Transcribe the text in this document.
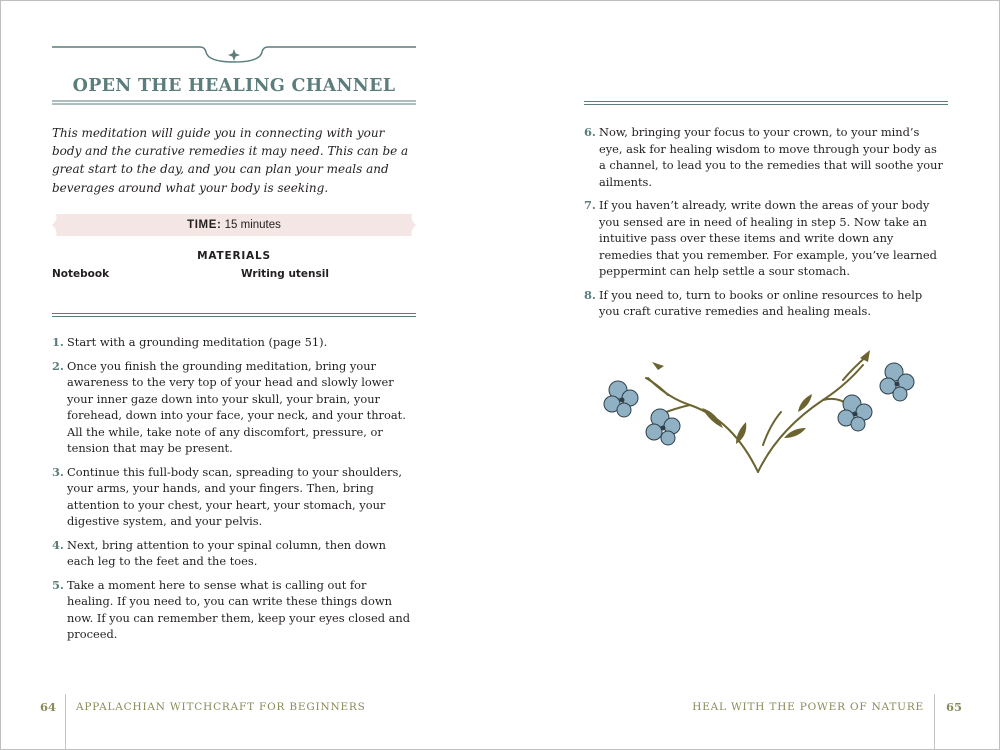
OPEN THE HEALING CHANNEL
This meditation will guide you in connecting with your body and the curative remedies it may need. This can be a great start to the day, and you can plan your meals and beverages around what your body is seeking.
TIME: 15 minutes
MATERIALS
Notebook	Writing utensil
1. Start with a grounding meditation (page 51).
2. Once you finish the grounding meditation, bring your awareness to the very top of your head and slowly lower your inner gaze down into your skull, your brain, your forehead, down into your face, your neck, and your throat. All the while, take note of any discomfort, pressure, or tension that may be present.
3. Continue this full-body scan, spreading to your shoulders, your arms, your hands, and your fingers. Then, bring attention to your chest, your heart, your stomach, your digestive system, and your pelvis.
4. Next, bring attention to your spinal column, then down each leg to the feet and the toes.
5. Take a moment here to sense what is calling out for healing. If you need to, you can write these things down now. If you can remember them, keep your eyes closed and proceed.
64 APPALACHIAN WITCHCRAFT FOR BEGINNERS
6. Now, bringing your focus to your crown, to your mind’s eye, ask for healing wisdom to move through your body as a channel, to lead you to the remedies that will soothe your ailments.
7. If you haven’t already, write down the areas of your body you sensed are in need of healing in step 5. Now take an intuitive pass over these items and write down any remedies that you remember. For example, you’ve learned peppermint can help settle a sour stomach.
8. If you need to, turn to books or online resources to help you craft curative remedies and healing meals.
HEAL WITH THE POWER OF NATURE 65
